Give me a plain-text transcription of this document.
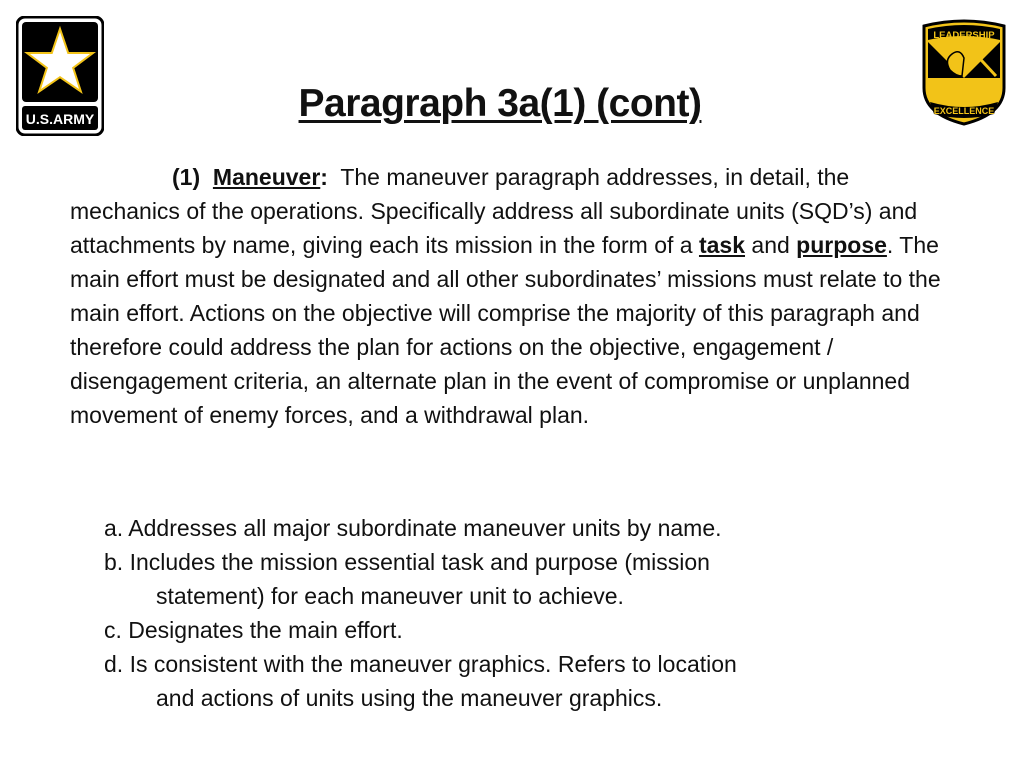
U.S.ARMY
LEADERSHIP
EXCELLENCE
Paragraph 3a(1) (cont)

(1) Maneuver: The maneuver paragraph addresses, in detail, the mechanics of the operations. Specifically address all subordinate units (SQD’s) and attachments by name, giving each its mission in the form of a task and purpose. The main effort must be designated and all other subordinates’ missions must relate to the main effort. Actions on the objective will comprise the majority of this paragraph and therefore could address the plan for actions on the objective, engagement / disengagement criteria, an alternate plan in the event of compromise or unplanned movement of enemy forces, and a withdrawal plan.

a. Addresses all major subordinate maneuver units by name.
b. Includes the mission essential task and purpose (mission
statement) for each maneuver unit to achieve.
c. Designates the main effort.
d. Is consistent with the maneuver graphics. Refers to location
and actions of units using the maneuver graphics.
